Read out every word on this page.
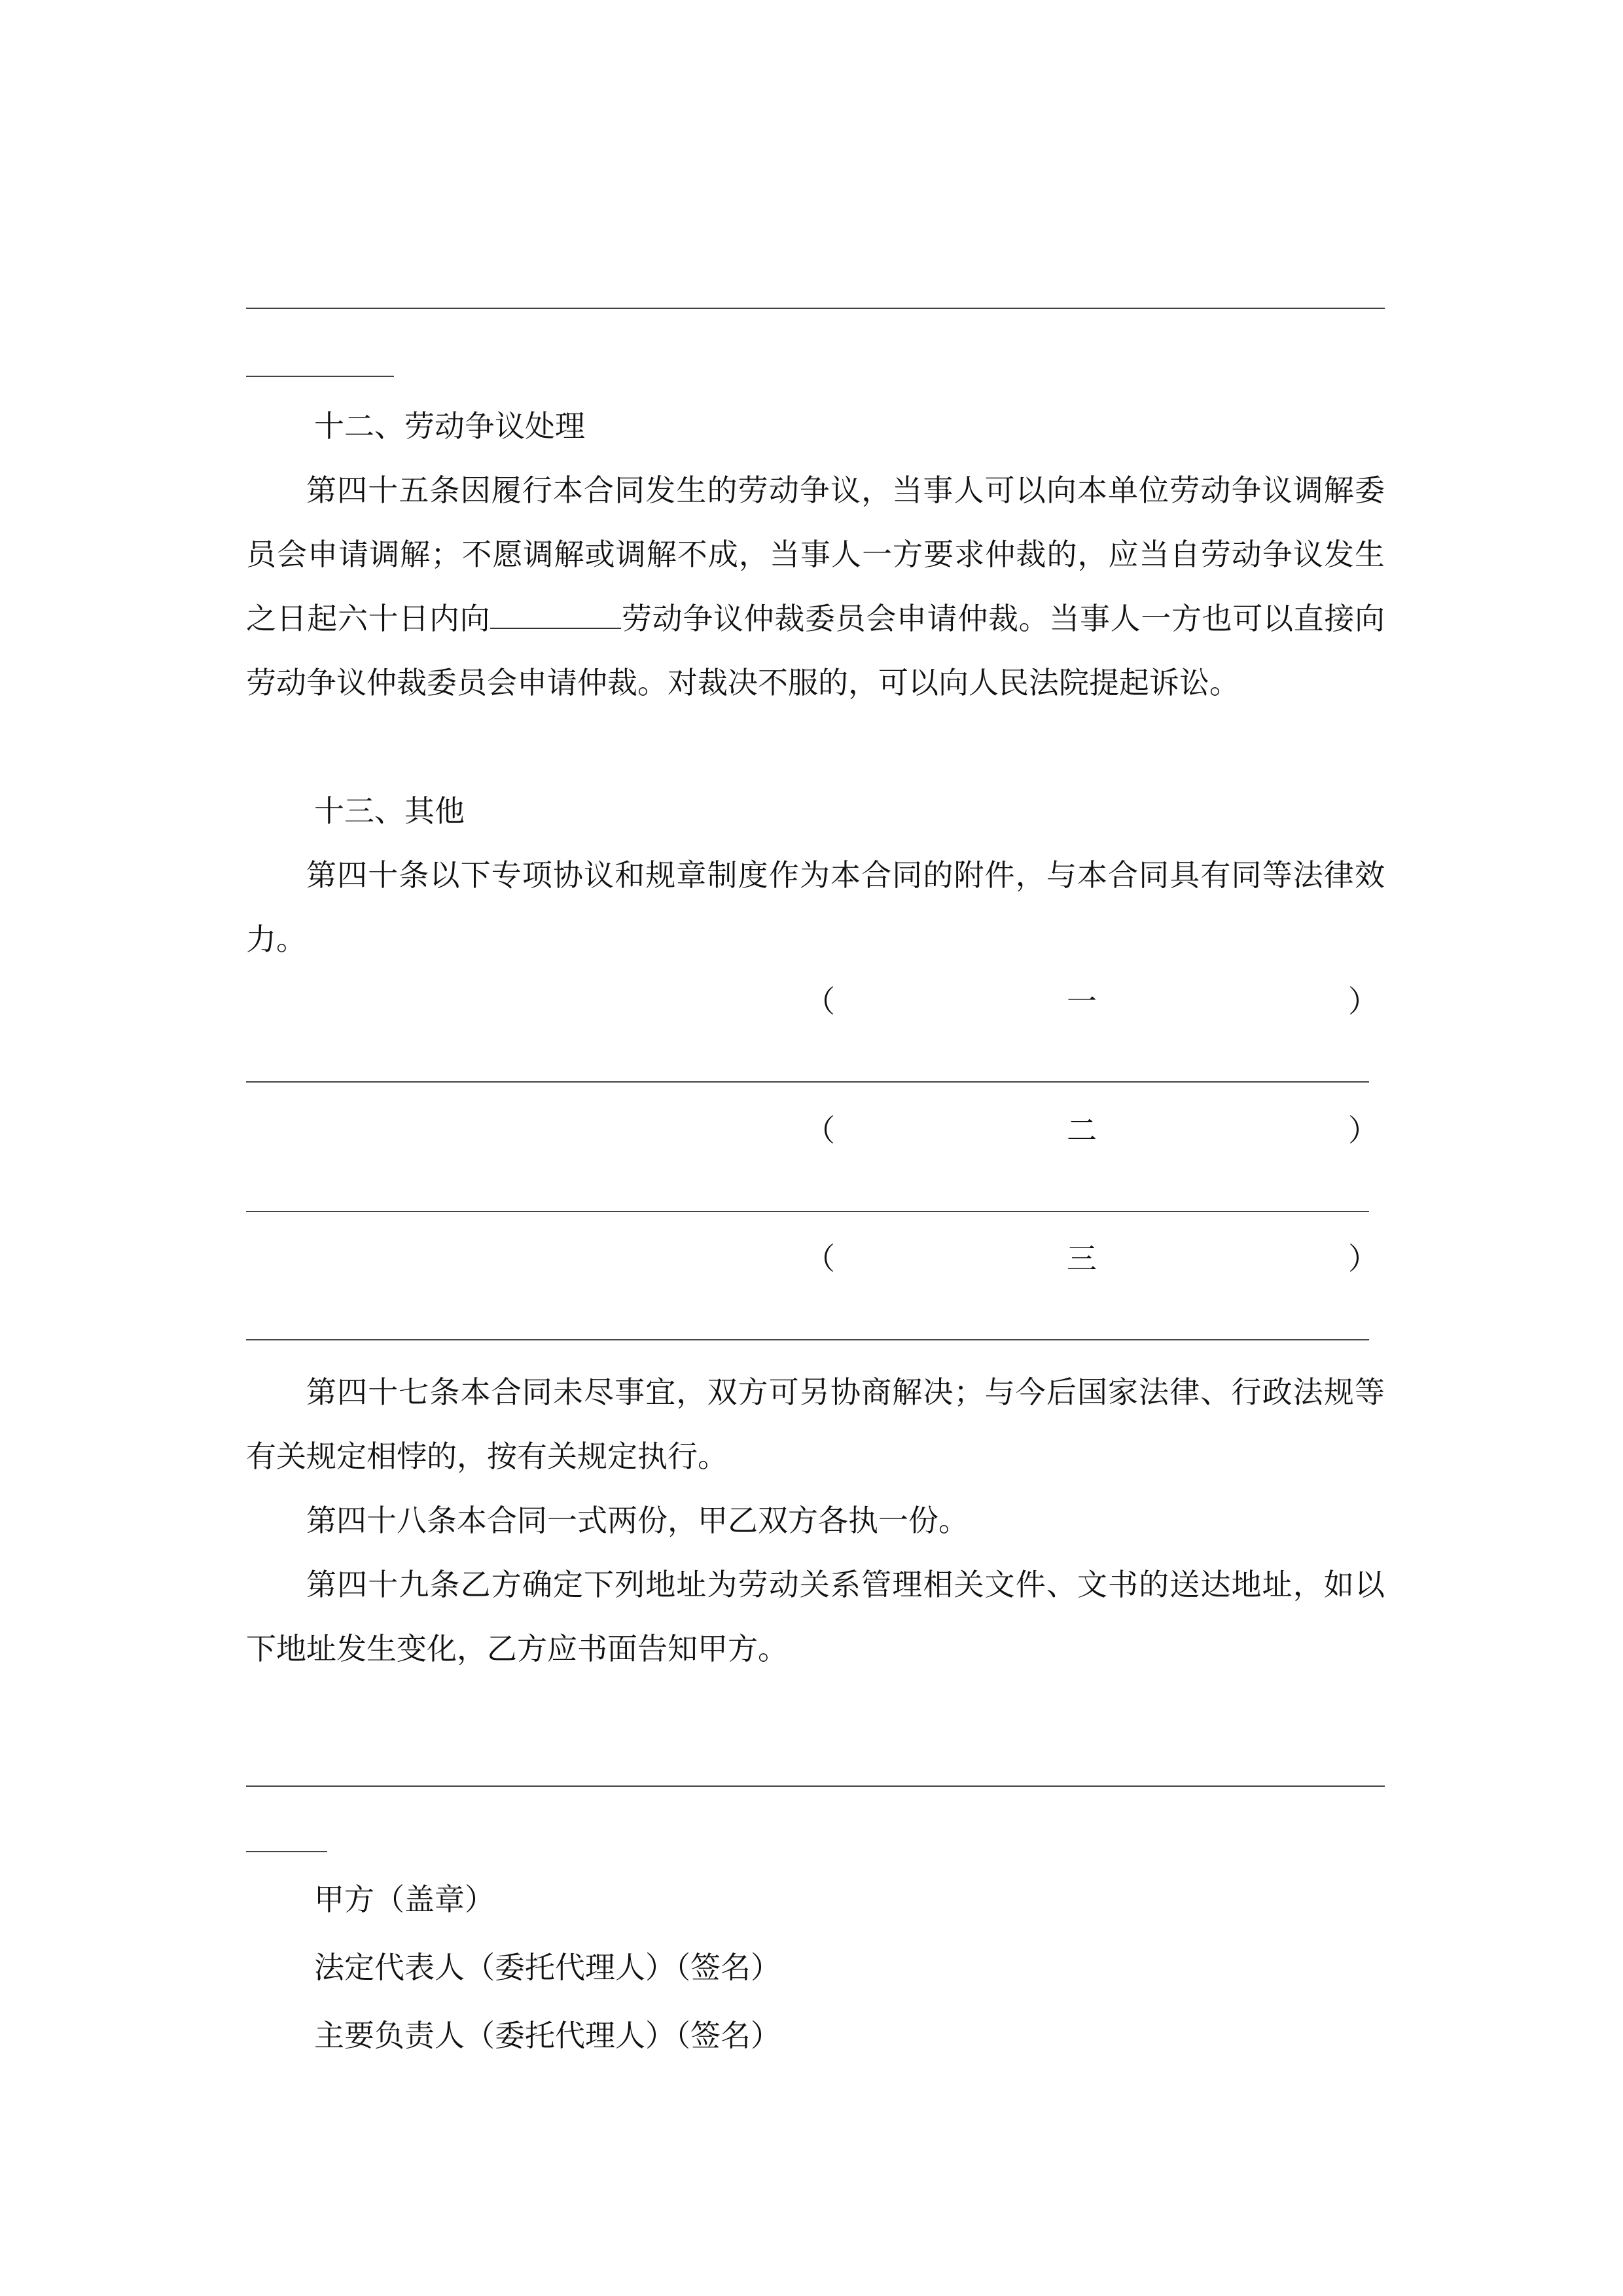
十二、劳动争议处理
第四十五条因履行本合同发生的劳动争议，当事人可以向本单位劳动争议调解委员会申请调解；不愿调解或调解不成，当事人一方要求仲裁的，应当自劳动争议发生之日起六十日内向	劳动争议仲裁委员会申请仲裁。当事人一方也可以直接向劳动争议仲裁委员会申请仲裁。对裁决不服的，可以向人民法院提起诉讼。
十三、其他
第四十条以下专项协议和规章制度作为本合同的附件，与本合同具有同等法律效力。
（	一	）
（	二	）
（	三	）
第四十七条本合同未尽事宜，双方可另协商解决；与今后国家法律、行政法规等有关规定相悖的，按有关规定执行。
第四十八条本合同一式两份，甲乙双方各执一份。
第四十九条乙方确定下列地址为劳动关系管理相关文件、文书的送达地址，如以下地址发生变化，乙方应书面告知甲方。
甲方（盖章）
法定代表人（委托代理人）（签名）
主要负责人（委托代理人）（签名）
